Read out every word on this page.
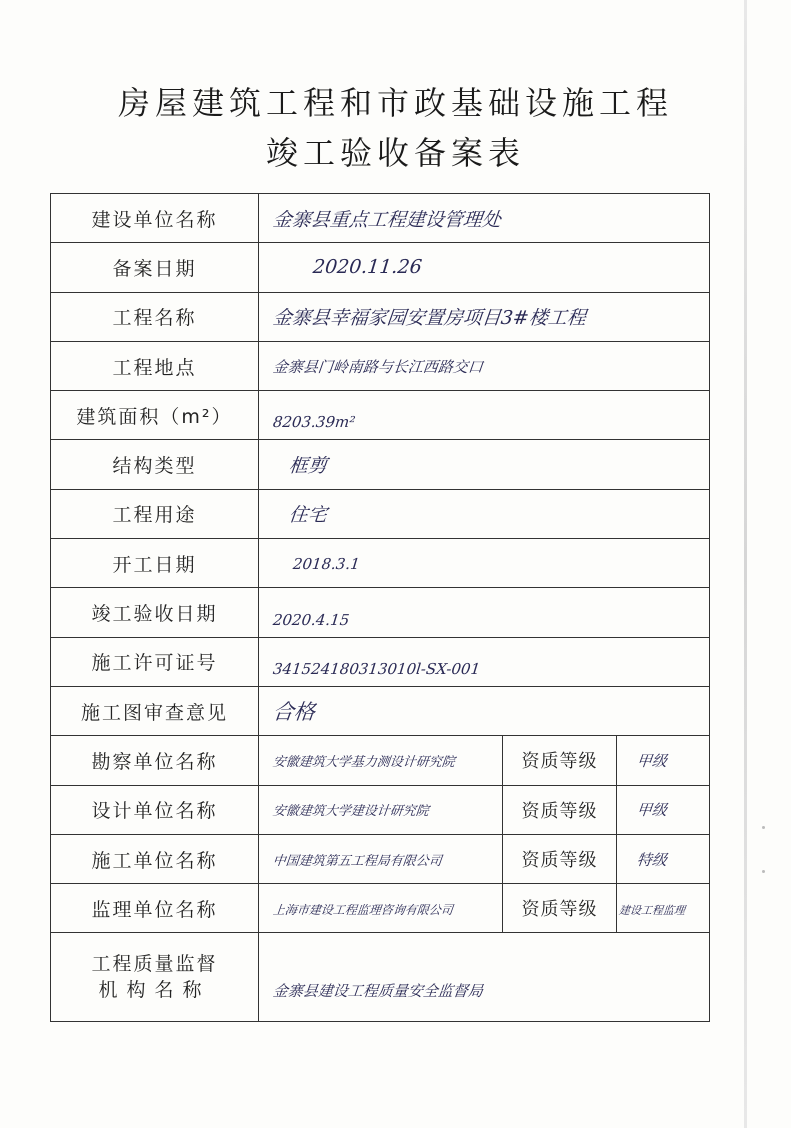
房屋建筑工程和市政基础设施工程
竣工验收备案表
建设单位名称	金寨县重点工程建设管理处		
备案日期	2020.11.26		
工程名称	金寨县幸福家园安置房项目3#楼工程		
工程地点	金寨县门岭南路与长江西路交口		
建筑面积（m²）	8203.39m²		
结构类型	框剪		
工程用途	住宅		
开工日期	2018.3.1		
竣工验收日期	2020.4.15		
施工许可证号	341524180313010l-SX-001		
施工图审查意见	合格		
勘察单位名称	安徽建筑大学基力测设计研究院	资质等级	甲级
设计单位名称	安徽建筑大学建设计研究院	资质等级	甲级
施工单位名称	中国建筑第五工程局有限公司	资质等级	特级
监理单位名称	上海市建设工程监理咨询有限公司	资质等级	建设工程监理

工程质量监督
机构名称	金寨县建设工程质量安全监督局		
